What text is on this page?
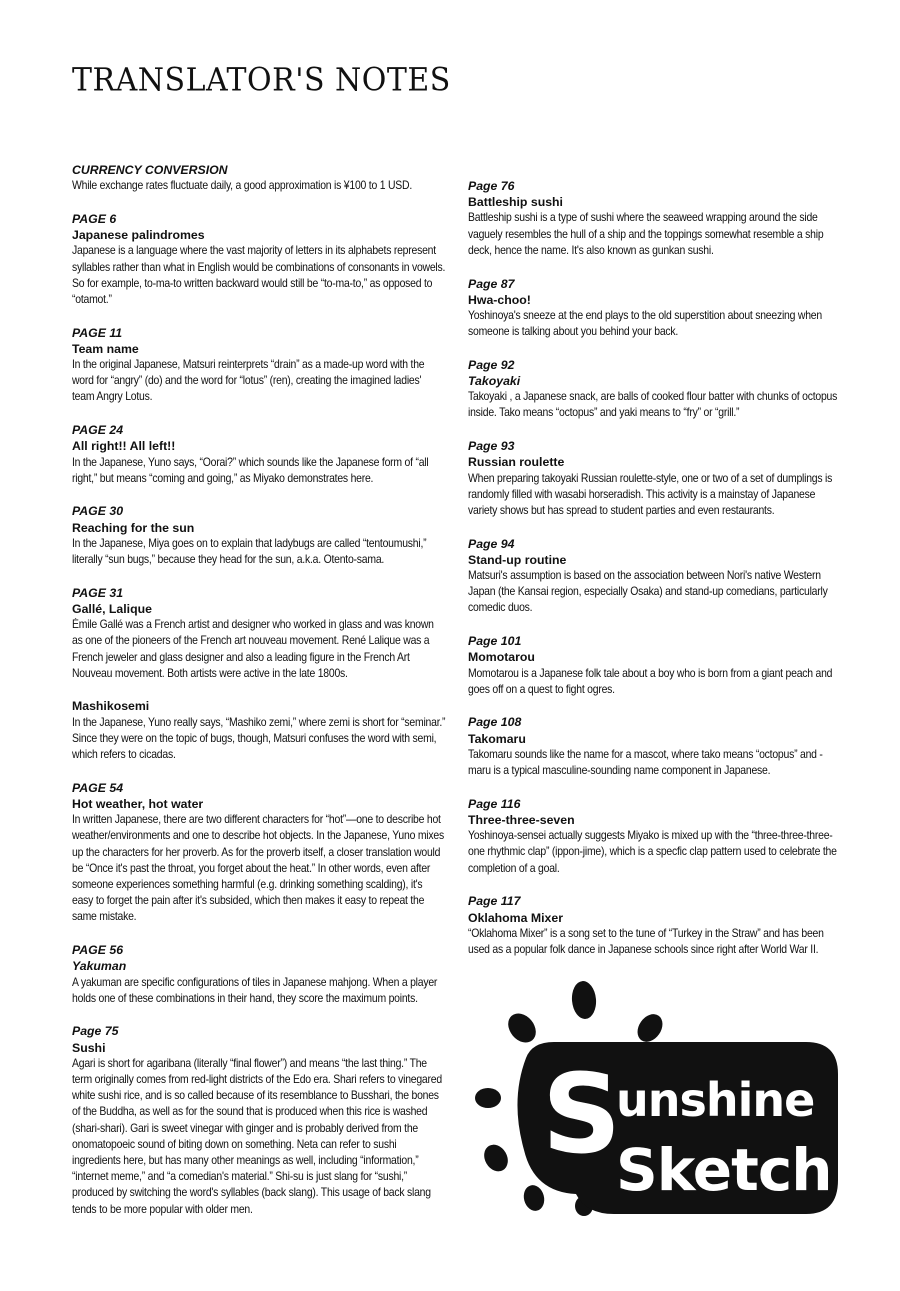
TRANSLATOR'S NOTES
CURRENCY CONVERSION
While exchange rates fluctuate daily, a good approximation is ¥100 to 1 USD.
PAGE 6
Japanese palindromes
Japanese is a language where the vast majority of letters in its alphabets represent syllables rather than what in English would be combinations of consonants in vowels. So for example, to-ma-to written backward would still be “to-ma-to,” as opposed to “otamot.”
PAGE 11
Team name
In the original Japanese, Matsuri reinterprets “drain” as a made-up word with the word for “angry” (do) and the word for “lotus” (ren), creating the imagined ladies' team Angry Lotus.
PAGE 24
All right!! All left!!
In the Japanese, Yuno says, “Oorai?” which sounds like the Japanese form of “all right,” but means “coming and going,” as Miyako demonstrates here.
PAGE 30
Reaching for the sun
In the Japanese, Miya goes on to explain that ladybugs are called “tentoumushi,” literally “sun bugs,” because they head for the sun, a.k.a. Otento-sama.
PAGE 31
Gallé, Lalique
Émile Gallé was a French artist and designer who worked in glass and was known as one of the pioneers of the French art nouveau movement. René Lalique was a French jeweler and glass designer and also a leading figure in the French Art Nouveau movement. Both artists were active in the late 1800s.
Mashikosemi
In the Japanese, Yuno really says, “Mashiko zemi,” where zemi is short for “seminar.” Since they were on the topic of bugs, though, Matsuri confuses the word with semi, which refers to cicadas.
PAGE 54
Hot weather, hot water
In written Japanese, there are two different characters for “hot”—one to describe hot weather/environments and one to describe hot objects. In the Japanese, Yuno mixes up the characters for her proverb. As for the proverb itself, a closer translation would be “Once it's past the throat, you forget about the heat.” In other words, even after someone experiences something harmful (e.g. drinking something scalding), it's easy to forget the pain after it's subsided, which then makes it easy to repeat the same mistake.
PAGE 56
Yakuman
A yakuman are specific configurations of tiles in Japanese mahjong. When a player holds one of these combinations in their hand, they score the maximum points.
Page 75
Sushi
Agari is short for agaribana (literally “final flower”) and means “the last thing.” The term originally comes from red-light districts of the Edo era. Shari refers to vinegared white sushi rice, and is so called because of its resemblance to Busshari, the bones of the Buddha, as well as for the sound that is produced when this rice is washed (shari-shari). Gari is sweet vinegar with ginger and is probably derived from the onomatopoeic sound of biting down on something. Neta can refer to sushi ingredients here, but has many other meanings as well, including “information,” “internet meme,” and “a comedian's material.” Shi-su is just slang for “sushi,” produced by switching the word's syllables (back slang). This usage of back slang tends to be more popular with older men.
Page 76
Battleship sushi
Battleship sushi is a type of sushi where the seaweed wrapping around the side vaguely resembles the hull of a ship and the toppings somewhat resemble a ship deck, hence the name. It's also known as gunkan sushi.
Page 87
Hwa-choo!
Yoshinoya's sneeze at the end plays to the old superstition about sneezing when someone is talking about you behind your back.
Page 92
Takoyaki
Takoyaki , a Japanese snack, are balls of cooked flour batter with chunks of octopus inside. Tako means “octopus” and yaki means to “fry” or “grill.”
Page 93
Russian roulette
When preparing takoyaki Russian roulette-style, one or two of a set of dumplings is randomly filled with wasabi horseradish. This activity is a mainstay of Japanese variety shows but has spread to student parties and even restaurants.
Page 94
Stand-up routine
Matsuri's assumption is based on the association between Nori's native Western Japan (the Kansai region, especially Osaka) and stand-up comedians, particularly comedic duos.
Page 101
Momotarou
Momotarou is a Japanese folk tale about a boy who is born from a giant peach and goes off on a quest to fight ogres.
Page 108
Takomaru
Takomaru sounds like the name for a mascot, where tako means “octopus” and -maru is a typical masculine-sounding name component in Japanese.
Page 116
Three-three-seven
Yoshinoya-sensei actually suggests Miyako is mixed up with the “three-three-three-one rhythmic clap” (ippon-jime), which is a specfic clap pattern used to celebrate the completion of a goal.
Page 117
Oklahoma Mixer
“Oklahoma Mixer” is a song set to the tune of “Turkey in the Straw” and has been used as a popular folk dance in Japanese schools since right after World War II.
S
unshine
Sketch
